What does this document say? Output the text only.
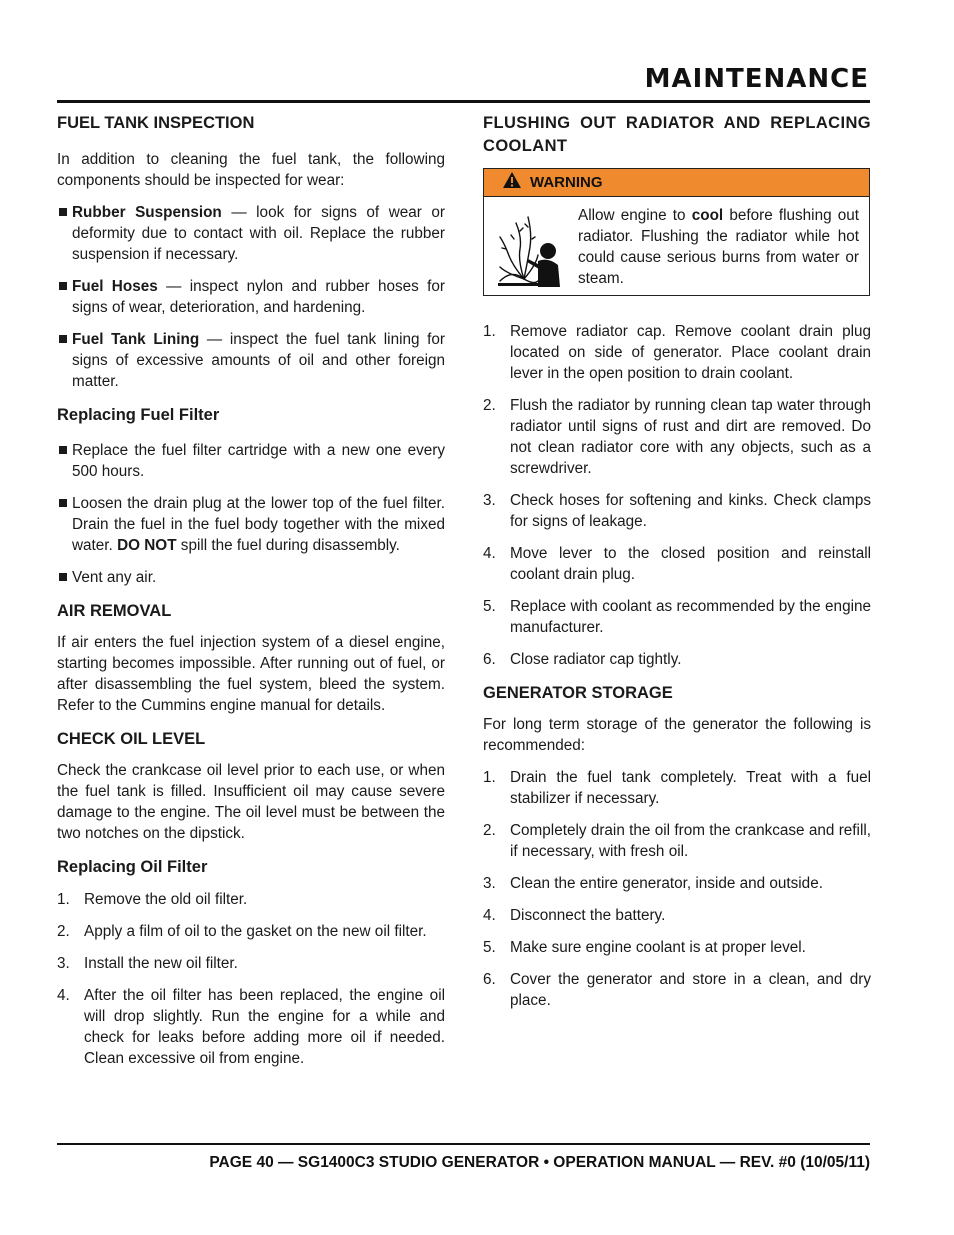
MAINTENANCE
FUEL TANK INSPECTION

In addition to cleaning the fuel tank, the following components should be inspected for wear:

Rubber Suspension — look for signs of wear or deformity due to contact with oil. Replace the rubber suspension if necessary.
Fuel Hoses — inspect nylon and rubber hoses for signs of wear, deterioration, and hardening.
Fuel Tank Lining — inspect the fuel tank lining for signs of excessive amounts of oil and other foreign matter.
Replacing Fuel Filter
Replace the fuel filter cartridge with a new one every 500 hours.
Loosen the drain plug at the lower top of the fuel filter. Drain the fuel in the fuel body together with the mixed water. DO NOT spill the fuel during disassembly.
Vent any air.
AIR REMOVAL

If air enters the fuel injection system of a diesel engine, starting becomes impossible. After running out of fuel, or after disassembling the fuel system, bleed the system. Refer to the Cummins engine manual for details.

CHECK OIL LEVEL

Check the crankcase oil level prior to each use, or when the fuel tank is filled. Insufficient oil may cause severe damage to the engine. The oil level must be between the two notches on the dipstick.

Replacing Oil Filter
1. Remove the old oil filter.
2. Apply a film of oil to the gasket on the new oil filter.
3. Install the new oil filter.
4. After the oil filter has been replaced, the engine oil will drop slightly. Run the engine for a while and check for leaks before adding more oil if needed. Clean excessive oil from engine.
FLUSHING OUT RADIATOR AND REPLACING COOLANT
WARNING
Allow engine to cool before flushing out radiator. Flushing the radiator while hot could cause serious burns from water or steam.
1. Remove radiator cap. Remove coolant drain plug located on side of generator. Place coolant drain lever in the open position to drain coolant.
2. Flush the radiator by running clean tap water through radiator until signs of rust and dirt are removed. Do not clean radiator core with any objects, such as a screwdriver.
3. Check hoses for softening and kinks. Check clamps for signs of leakage.
4. Move lever to the closed position and reinstall coolant drain plug.
5. Replace with coolant as recommended by the engine manufacturer.
6. Close radiator cap tightly.
GENERATOR STORAGE

For long term storage of the generator the following is recommended:

1. Drain the fuel tank completely. Treat with a fuel stabilizer if necessary.
2. Completely drain the oil from the crankcase and refill, if necessary, with fresh oil.
3. Clean the entire generator, inside and outside.
4. Disconnect the battery.
5. Make sure engine coolant is at proper level.
6. Cover the generator and store in a clean, and dry place.
PAGE 40 — SG1400C3 STUDIO GENERATOR • OPERATION MANUAL — REV. #0 (10/05/11)
